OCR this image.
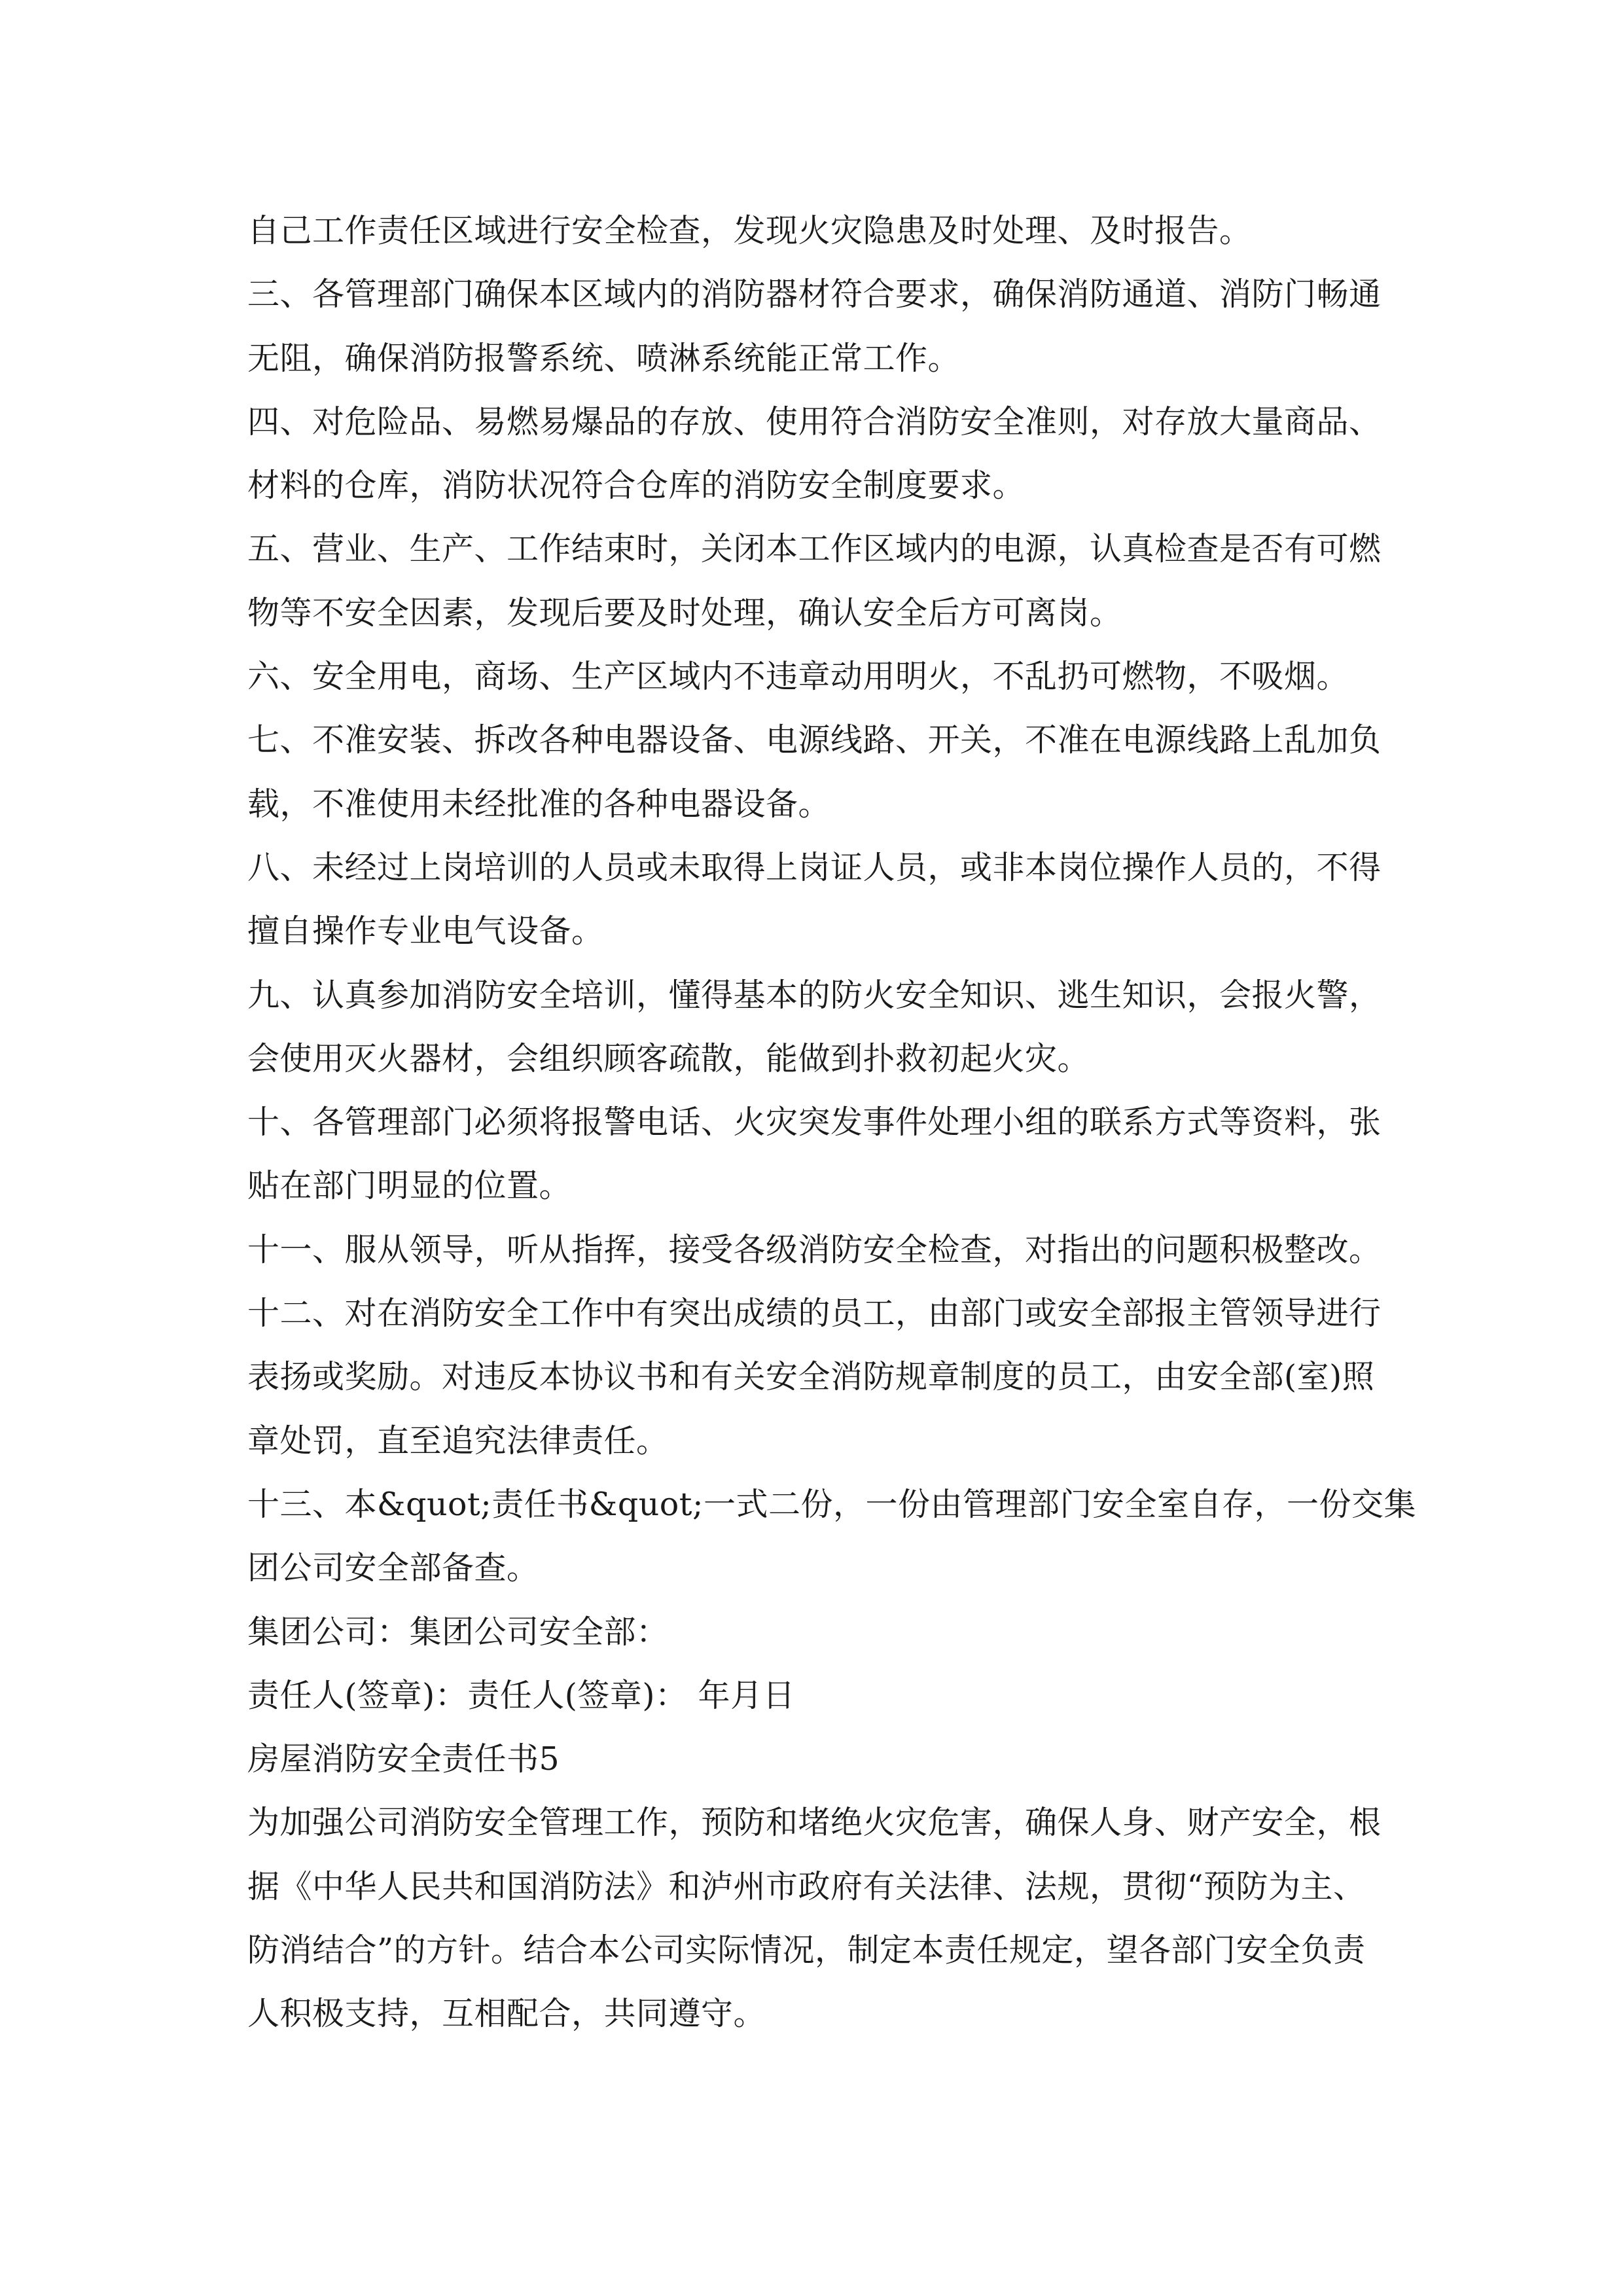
自己工作责任区域进行安全检查，发现火灾隐患及时处理、及时报告。
三、各管理部门确保本区域内的消防器材符合要求，确保消防通道、消防门畅通
无阻，确保消防报警系统、喷淋系统能正常工作。
四、对危险品、易燃易爆品的存放、使用符合消防安全准则，对存放大量商品、
材料的仓库，消防状况符合仓库的消防安全制度要求。
五、营业、生产、工作结束时，关闭本工作区域内的电源，认真检查是否有可燃
物等不安全因素，发现后要及时处理，确认安全后方可离岗。
六、安全用电，商场、生产区域内不违章动用明火，不乱扔可燃物，不吸烟。
七、不准安装、拆改各种电器设备、电源线路、开关，不准在电源线路上乱加负
载，不准使用未经批准的各种电器设备。
八、未经过上岗培训的人员或未取得上岗证人员，或非本岗位操作人员的，不得
擅自操作专业电气设备。
九、认真参加消防安全培训，懂得基本的防火安全知识、逃生知识，会报火警，
会使用灭火器材，会组织顾客疏散，能做到扑救初起火灾。
十、各管理部门必须将报警电话、火灾突发事件处理小组的联系方式等资料，张
贴在部门明显的位置。
十一、服从领导，听从指挥，接受各级消防安全检查，对指出的问题积极整改。
十二、对在消防安全工作中有突出成绩的员工，由部门或安全部报主管领导进行
表扬或奖励。对违反本协议书和有关安全消防规章制度的员工，由安全部(室)照
章处罚，直至追究法律责任。
十三、本&quot;责任书&quot;一式二份，一份由管理部门安全室自存，一份交集
团公司安全部备查。
集团公司：集团公司安全部：
责任人(签章)：责任人(签章)： 年月日
房屋消防安全责任书5
为加强公司消防安全管理工作，预防和堵绝火灾危害，确保人身、财产安全，根
据《中华人民共和国消防法》和泸州市政府有关法律、法规，贯彻“预防为主、
防消结合”的方针。结合本公司实际情况，制定本责任规定，望各部门安全负责
人积极支持，互相配合，共同遵守。
